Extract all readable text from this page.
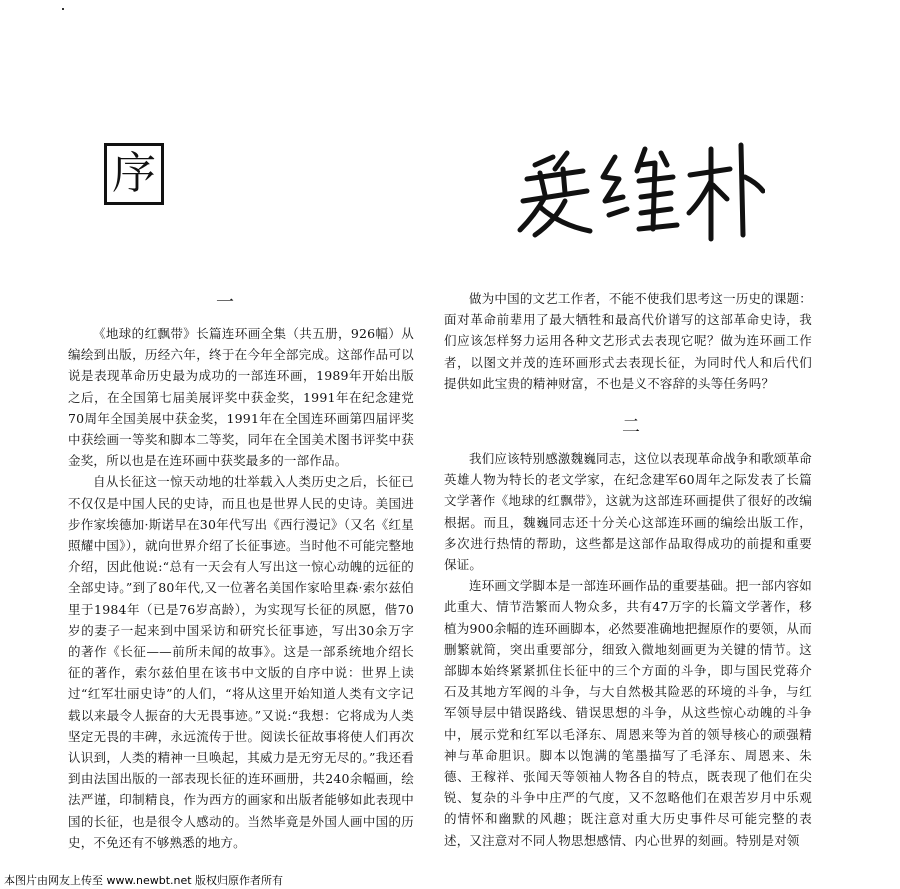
序
一

《地球的红飘带》长篇连环画全集（共五册，926幅）从编绘到出版，历经六年，终于在今年全部完成。这部作品可以说是表现革命历史最为成功的一部连环画，1989年开始出版之后，在全国第七届美展评奖中获金奖，1991年在纪念建党70周年全国美展中获金奖，1991年在全国连环画第四届评奖中获绘画一等奖和脚本二等奖，同年在全国美术图书评奖中获金奖，所以也是在连环画中获奖最多的一部作品。

自从长征这一惊天动地的壮举载入人类历史之后，长征已不仅仅是中国人民的史诗，而且也是世界人民的史诗。美国进步作家埃德加·斯诺早在30年代写出《西行漫记》（又名《红星照耀中国》），就向世界介绍了长征事迹。当时他不可能完整地介绍，因此他说:“总有一天会有人写出这一惊心动魄的远征的全部史诗。”到了80年代,又一位著名美国作家哈里森·索尔兹伯里于1984年（已是76岁高龄），为实现写长征的夙愿，偕70岁的妻子一起来到中国采访和研究长征事迹，写出30余万字的著作《长征——前所未闻的故事》。这是一部系统地介绍长征的著作，索尔兹伯里在该书中文版的自序中说：世界上读过“红军壮丽史诗”的人们，“将从这里开始知道人类有文字记载以来最令人振奋的大无畏事迹。”又说:“我想：它将成为人类坚定无畏的丰碑，永远流传于世。阅读长征故事将使人们再次认识到，人类的精神一旦唤起，其威力是无穷无尽的。”我还看到由法国出版的一部表现长征的连环画册，共240余幅画，绘法严谨，印制精良，作为西方的画家和出版者能够如此表现中国的长征，也是很令人感动的。当然毕竟是外国人画中国的历史，不免还有不够熟悉的地方。

做为中国的文艺工作者，不能不使我们思考这一历史的课题：面对革命前辈用了最大牺牲和最高代价谱写的这部革命史诗，我们应该怎样努力运用各种文艺形式去表现它呢？做为连环画工作者，以图文并茂的连环画形式去表现长征，为同时代人和后代们提供如此宝贵的精神财富，不也是义不容辞的头等任务吗？

二

我们应该特别感激魏巍同志，这位以表现革命战争和歌颂革命英雄人物为特长的老文学家，在纪念建军60周年之际发表了长篇文学著作《地球的红飘带》，这就为这部连环画提供了很好的改编根据。而且，魏巍同志还十分关心这部连环画的编绘出版工作，多次进行热情的帮助，这些都是这部作品取得成功的前提和重要保证。

连环画文学脚本是一部连环画作品的重要基础。把一部内容如此重大、情节浩繁而人物众多，共有47万字的长篇文学著作，移植为900余幅的连环画脚本，必然要准确地把握原作的要领，从而删繁就简，突出重要部分，细致入微地刻画更为关键的情节。这部脚本始终紧紧抓住长征中的三个方面的斗争，即与国民党蒋介石及其地方军阀的斗争，与大自然极其险恶的环境的斗争，与红军领导层中错误路线、错误思想的斗争，从这些惊心动魄的斗争中，展示党和红军以毛泽东、周恩来等为首的领导核心的顽强精神与革命胆识。脚本以饱满的笔墨描写了毛泽东、周恩来、朱德、王稼祥、张闻天等领袖人物各自的特点，既表现了他们在尖锐、复杂的斗争中庄严的气度，又不忽略他们在艰苦岁月中乐观的情怀和幽默的风趣；既注意对重大历史事件尽可能完整的表述，又注意对不同人物思想感情、内心世界的刻画。特别是对领

本图片由网友上传至 www.newbt.net 版权归原作者所有
